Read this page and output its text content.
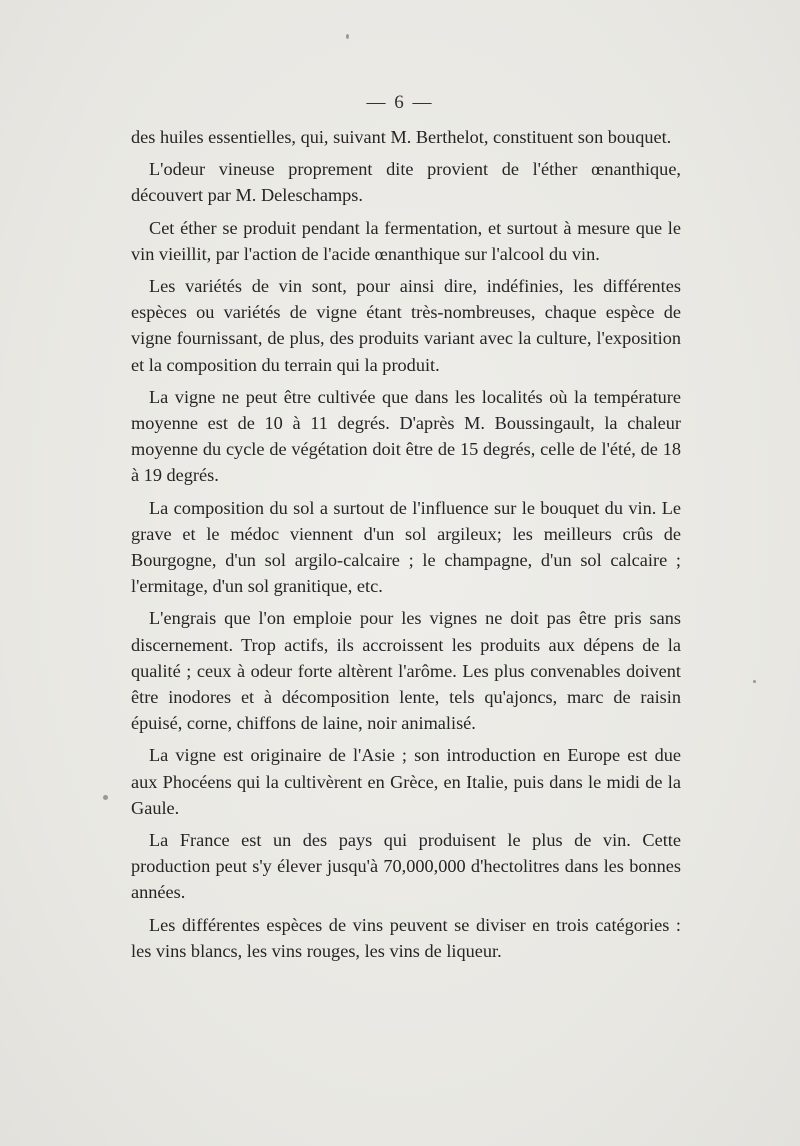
— 6 —

des huiles essentielles, qui, suivant M. Berthelot, constituent son bouquet.

L'odeur vineuse proprement dite provient de l'éther œnanthique, découvert par M. Deleschamps.

Cet éther se produit pendant la fermentation, et surtout à mesure que le vin vieillit, par l'action de l'acide œnanthique sur l'alcool du vin.

Les variétés de vin sont, pour ainsi dire, indéfinies, les différentes espèces ou variétés de vigne étant très-nombreuses, chaque espèce de vigne fournissant, de plus, des produits variant avec la culture, l'exposition et la composition du terrain qui la produit.

La vigne ne peut être cultivée que dans les localités où la température moyenne est de 10 à 11 degrés. D'après M. Boussingault, la chaleur moyenne du cycle de végétation doit être de 15 degrés, celle de l'été, de 18 à 19 degrés.

La composition du sol a surtout de l'influence sur le bouquet du vin. Le grave et le médoc viennent d'un sol argileux; les meilleurs crûs de Bourgogne, d'un sol argilo-calcaire ; le champagne, d'un sol calcaire ; l'ermitage, d'un sol granitique, etc.

L'engrais que l'on emploie pour les vignes ne doit pas être pris sans discernement. Trop actifs, ils accroissent les produits aux dépens de la qualité ; ceux à odeur forte altèrent l'arôme. Les plus convenables doivent être inodores et à décomposition lente, tels qu'ajoncs, marc de raisin épuisé, corne, chiffons de laine, noir animalisé.

La vigne est originaire de l'Asie ; son introduction en Europe est due aux Phocéens qui la cultivèrent en Grèce, en Italie, puis dans le midi de la Gaule.

La France est un des pays qui produisent le plus de vin. Cette production peut s'y élever jusqu'à 70,000,000 d'hectolitres dans les bonnes années.

Les différentes espèces de vins peuvent se diviser en trois catégories : les vins blancs, les vins rouges, les vins de liqueur.
